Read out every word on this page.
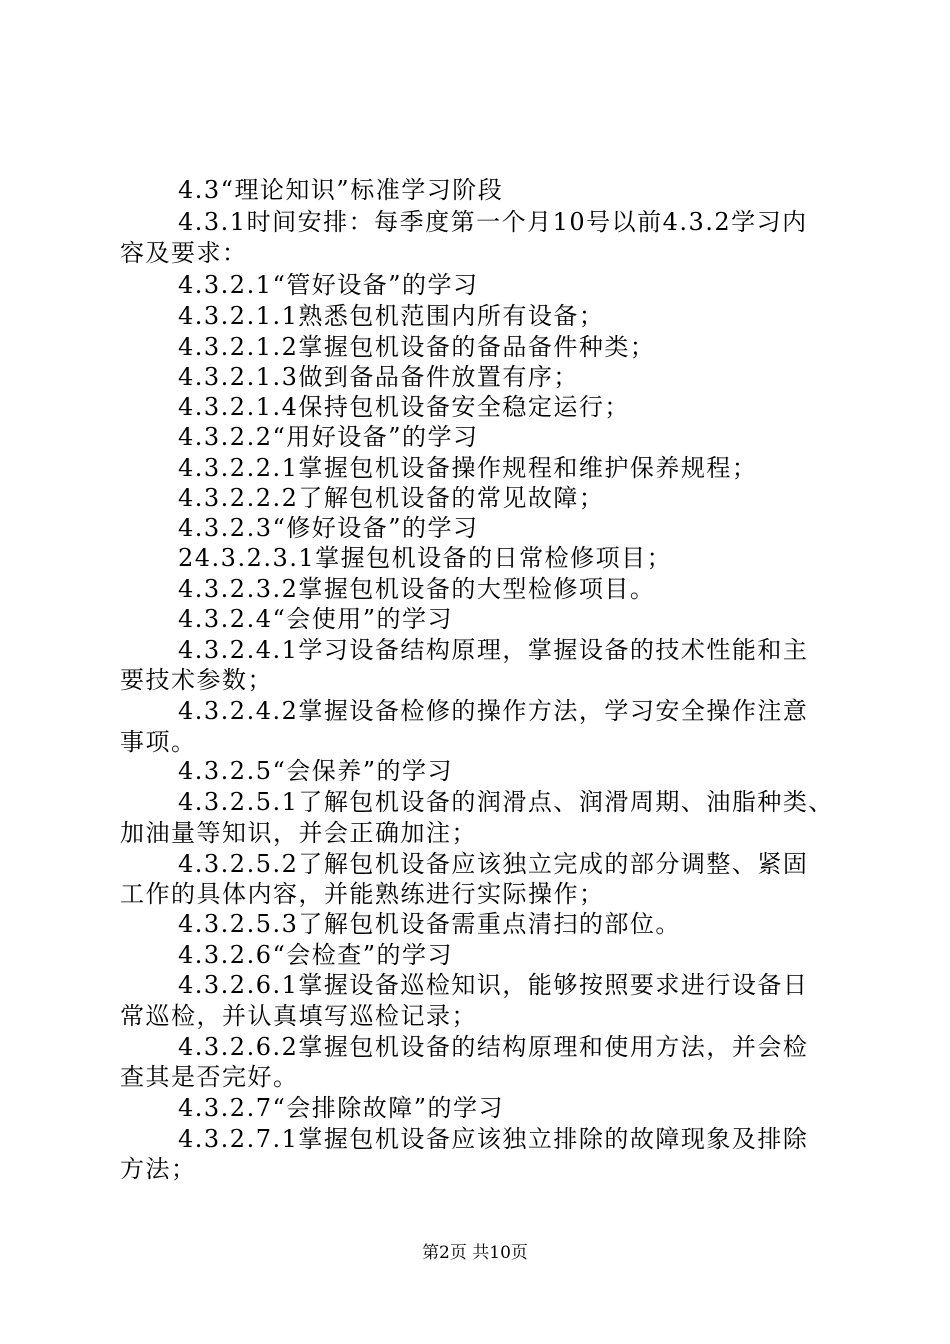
4.3“理论知识”标准学习阶段
4.3.1时间安排：每季度第一个月10号以前4.3.2学习内
容及要求：
4.3.2.1“管好设备”的学习
4.3.2.1.1熟悉包机范围内所有设备；
4.3.2.1.2掌握包机设备的备品备件种类；
4.3.2.1.3做到备品备件放置有序；
4.3.2.1.4保持包机设备安全稳定运行；
4.3.2.2“用好设备”的学习
4.3.2.2.1掌握包机设备操作规程和维护保养规程；
4.3.2.2.2了解包机设备的常见故障；
4.3.2.3“修好设备”的学习
24.3.2.3.1掌握包机设备的日常检修项目；
4.3.2.3.2掌握包机设备的大型检修项目。
4.3.2.4“会使用”的学习
4.3.2.4.1学习设备结构原理，掌握设备的技术性能和主
要技术参数；
4.3.2.4.2掌握设备检修的操作方法，学习安全操作注意
事项。
4.3.2.5“会保养”的学习
4.3.2.5.1了解包机设备的润滑点、润滑周期、油脂种类、
加油量等知识，并会正确加注；
4.3.2.5.2了解包机设备应该独立完成的部分调整、紧固
工作的具体内容，并能熟练进行实际操作；
4.3.2.5.3了解包机设备需重点清扫的部位。
4.3.2.6“会检查”的学习
4.3.2.6.1掌握设备巡检知识，能够按照要求进行设备日
常巡检，并认真填写巡检记录；
4.3.2.6.2掌握包机设备的结构原理和使用方法，并会检
查其是否完好。
4.3.2.7“会排除故障”的学习
4.3.2.7.1掌握包机设备应该独立排除的故障现象及排除
方法；
第2页 共10页
